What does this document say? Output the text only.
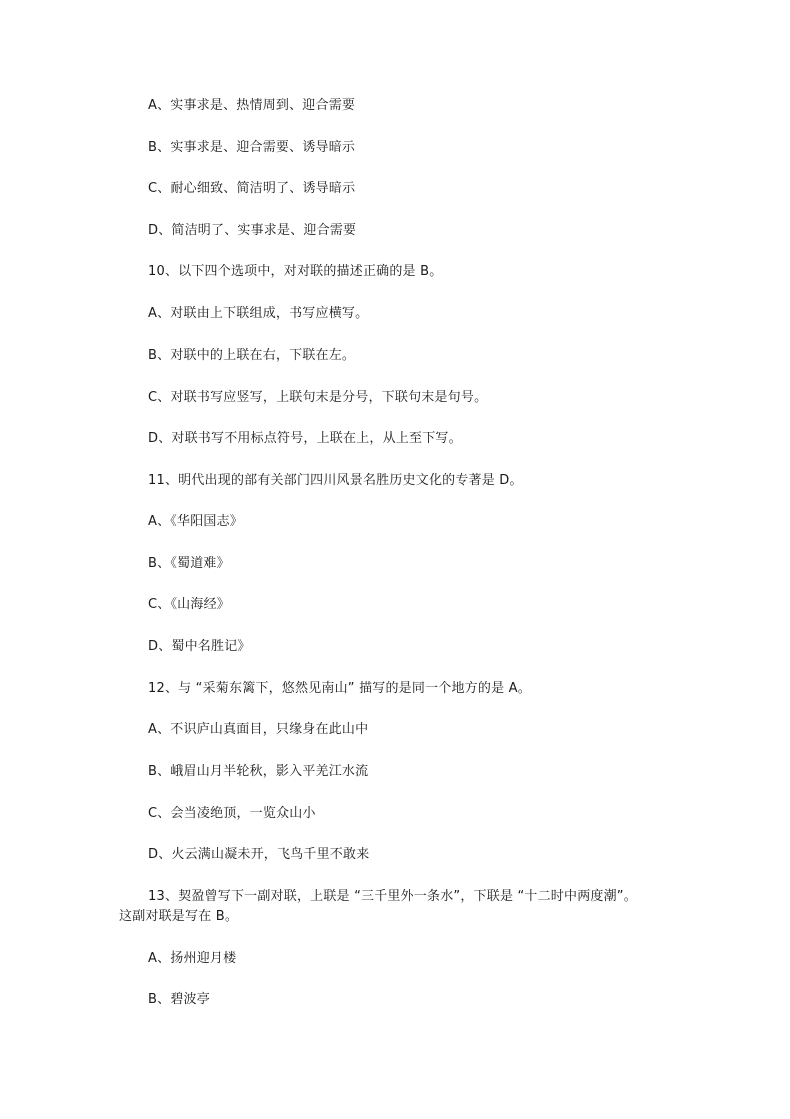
A、实事求是、热情周到、迎合需要
B、实事求是、迎合需要、诱导暗示
C、耐心细致、简洁明了、诱导暗示
D、简洁明了、实事求是、迎合需要
10、以下四个选项中，对对联的描述正确的是 B。
A、对联由上下联组成，书写应横写。
B、对联中的上联在右，下联在左。
C、对联书写应竖写，上联句末是分号，下联句末是句号。
D、对联书写不用标点符号，上联在上，从上至下写。
11、明代出现的部有关部门四川风景名胜历史文化的专著是 D。
A、《华阳国志》
B、《蜀道难》
C、《山海经》
D、蜀中名胜记》
12、与 “采菊东篱下，悠然见南山” 描写的是同一个地方的是 A。
A、不识庐山真面目，只缘身在此山中
B、峨眉山月半轮秋，影入平羌江水流
C、会当凌绝顶，一览众山小
D、火云满山凝未开，飞鸟千里不敢来
13、契盈曾写下一副对联，上联是 “三千里外一条水”，下联是 “十二时中两度潮”。
这副对联是写在 B。
A、扬州迎月楼
B、碧波亭
